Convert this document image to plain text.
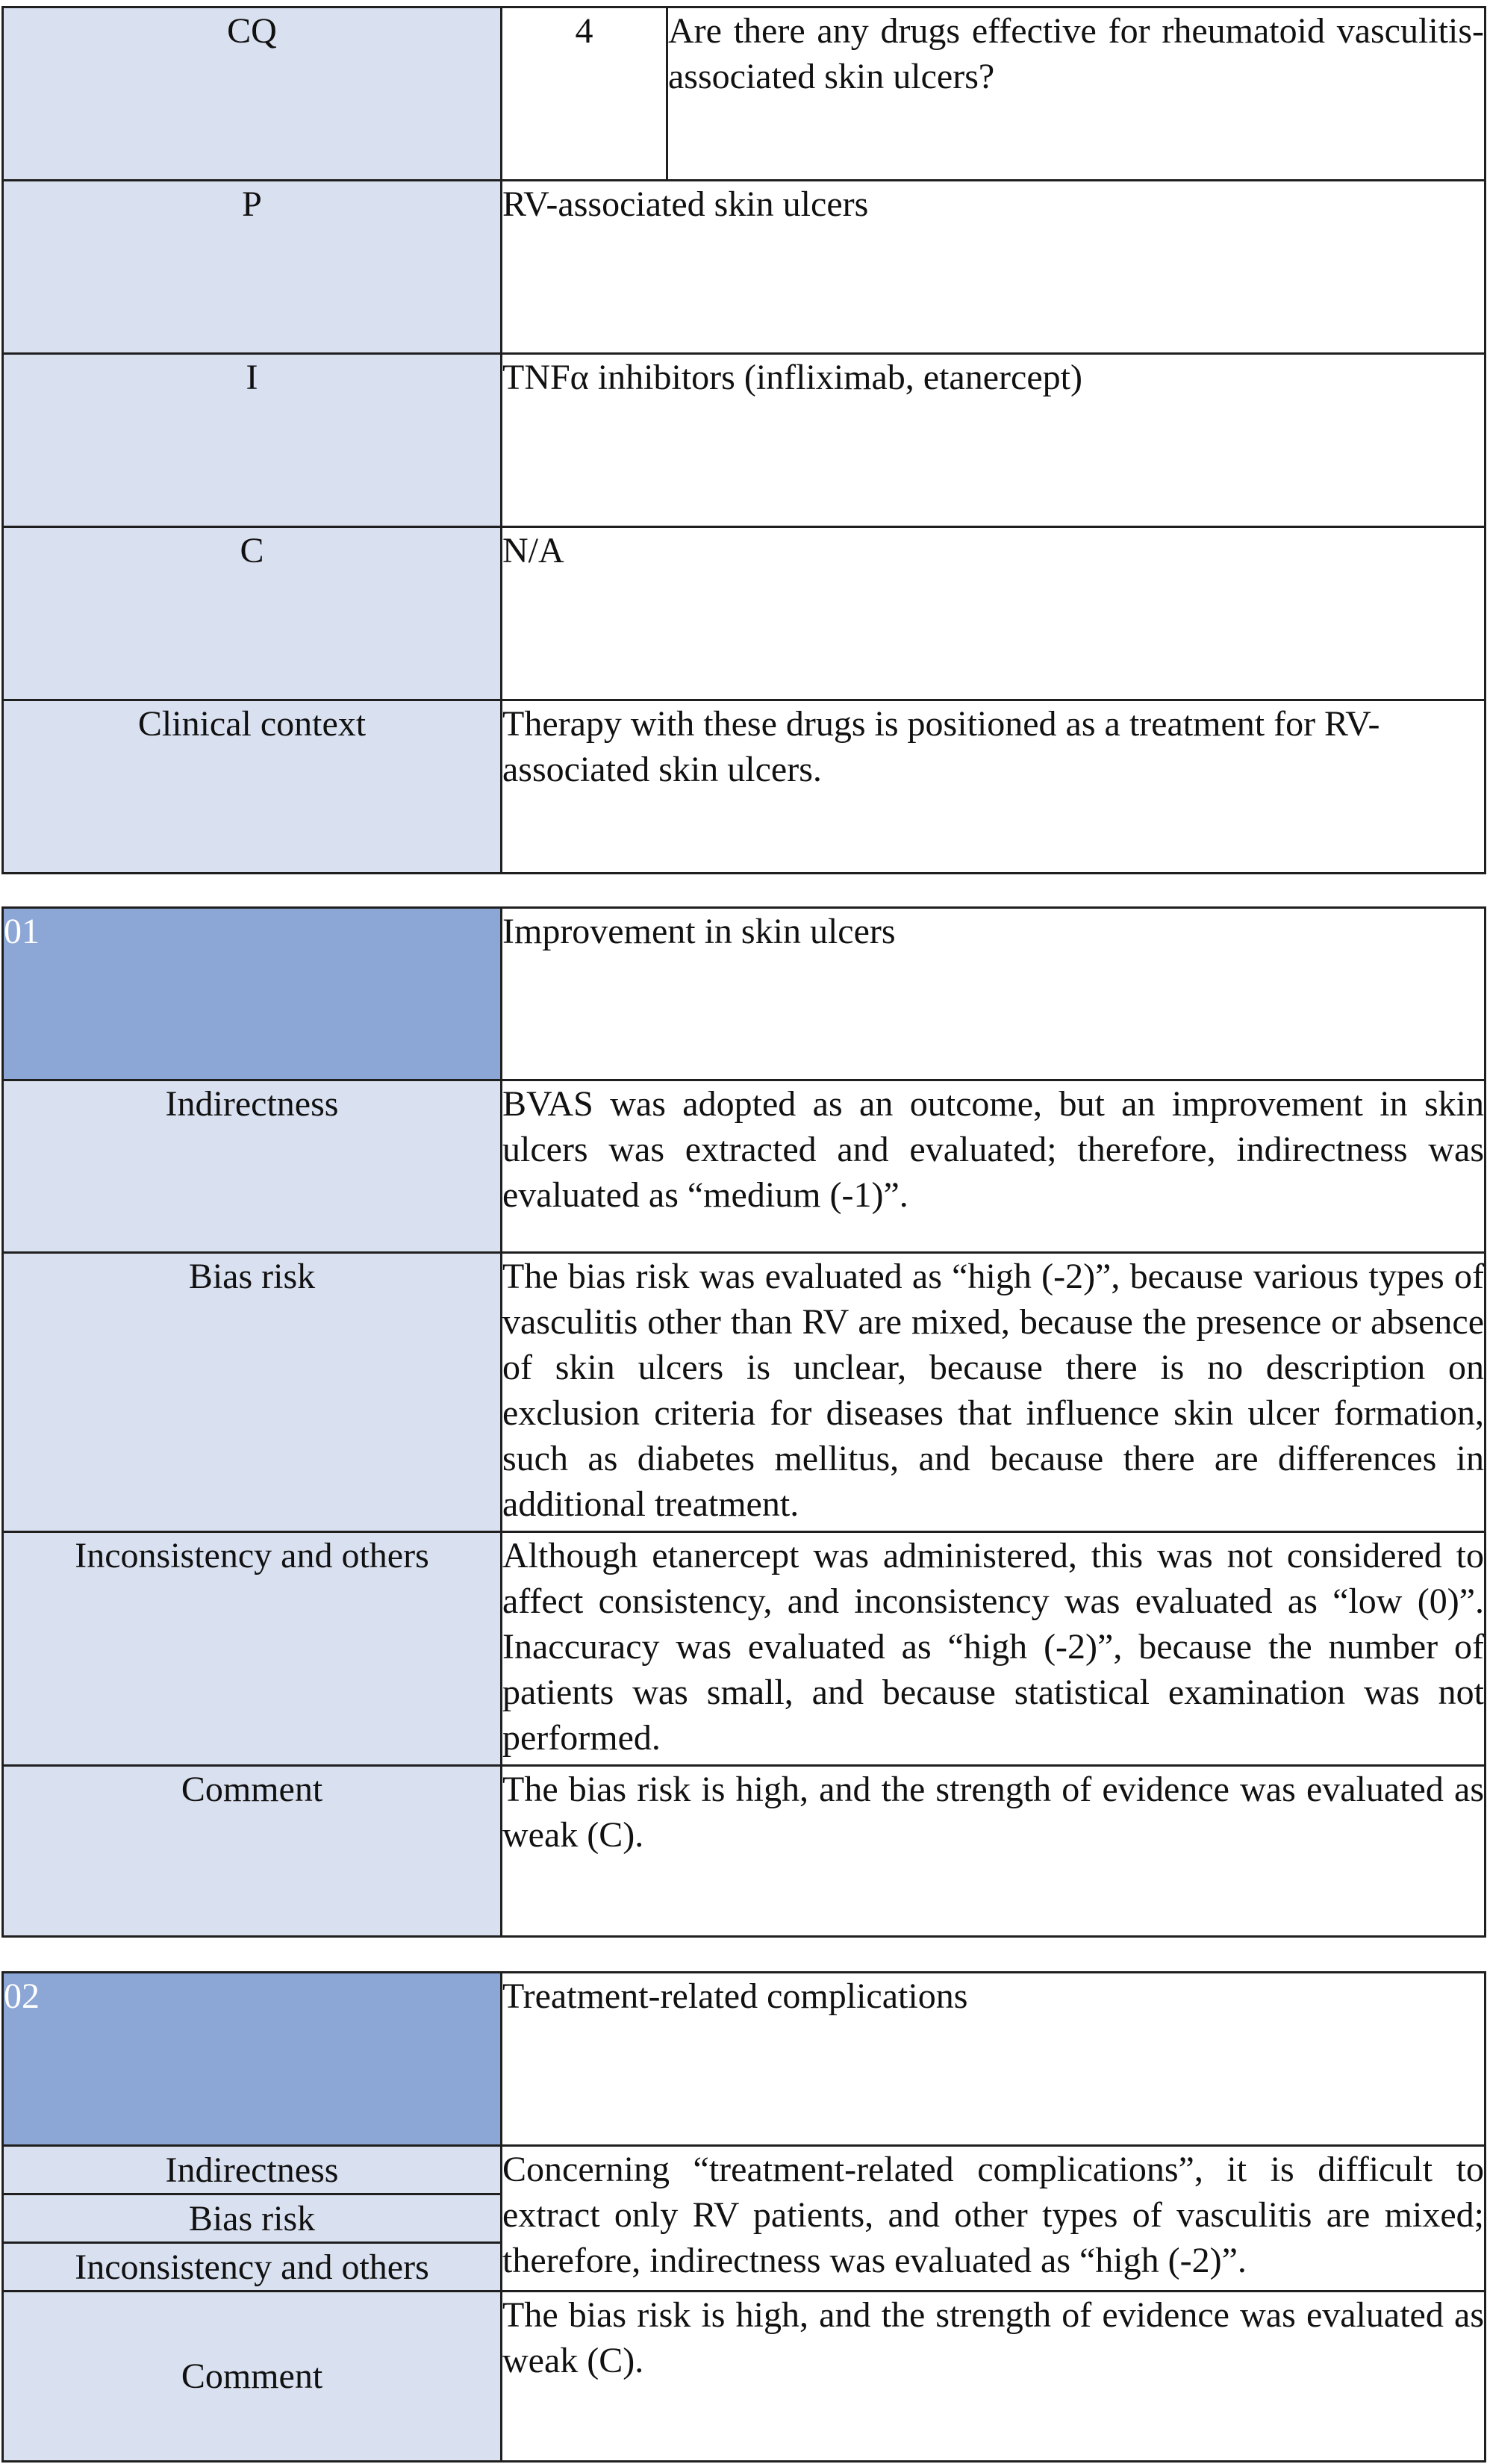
CQ	4	Are there any drugs effective for rheumatoid vasculitis-associated skin ulcers?
P	RV-associated skin ulcers	
I	TNFα inhibitors (infliximab, etanercept)	
C	N/A	
Clinical context	Therapy with these drugs is positioned as a treatment for RV-associated skin ulcers.	
01	Improvement in skin ulcers
Indirectness	BVAS was adopted as an outcome, but an improvement in skin ulcers was extracted and evaluated; therefore, indirectness was evaluated as “medium (-1)”.
Bias risk	The bias risk was evaluated as “high (-2)”, because various types of vasculitis other than RV are mixed, because the presence or absence of skin ulcers is unclear, because there is no description on exclusion criteria for diseases that influence skin ulcer formation, such as diabetes mellitus, and because there are differences in additional treatment.
Inconsistency and others	Although etanercept was administered, this was not considered to affect consistency, and inconsistency was evaluated as “low (0)”. Inaccuracy was evaluated as “high (-2)”, because the number of patients was small, and because statistical examination was not performed.
Comment	The bias risk is high, and the strength of evidence was evaluated as weak (C).
02	Treatment-related complications
Indirectness	Concerning “treatment-related complications”, it is difficult to extract only RV patients, and other types of vasculitis are mixed; therefore, indirectness was evaluated as “high (-2)”.
Bias risk	
Inconsistency and others	
Comment	The bias risk is high, and the strength of evidence was evaluated as weak (C).
